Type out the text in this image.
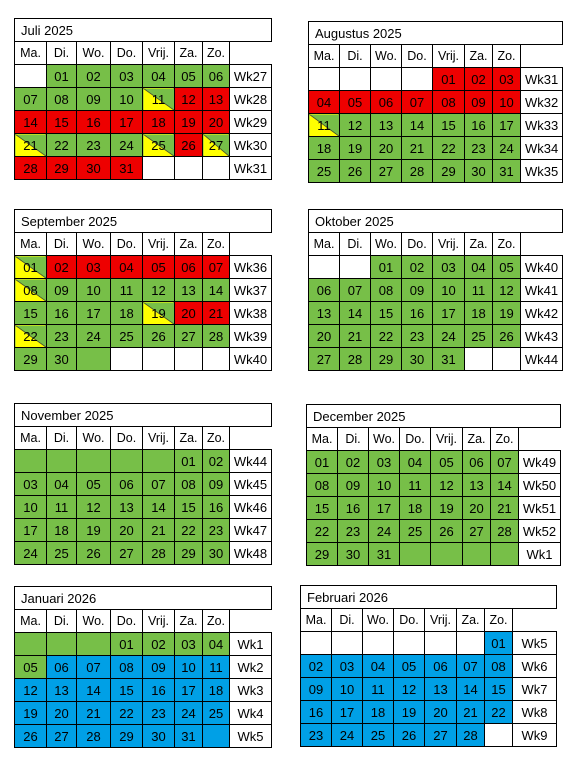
Juli 2025							
Ma.	Di.	Wo.	Do.	Vrij.	Za.	Zo.	
	01	02	03	04	05	06	Wk27
07	08	09	10	11	12	13	Wk28
14	15	16	17	18	19	20	Wk29
21	22	23	24	25	26	27	Wk30
28	29	30	31				Wk31
Augustus 2025							
Ma.	Di.	Wo.	Do.	Vrij.	Za.	Zo.	
				01	02	03	Wk31
04	05	06	07	08	09	10	Wk32
11	12	13	14	15	16	17	Wk33
18	19	20	21	22	23	24	Wk34
25	26	27	28	29	30	31	Wk35
September 2025							
Ma.	Di.	Wo.	Do.	Vrij.	Za.	Zo.	
01	02	03	04	05	06	07	Wk36
08	09	10	11	12	13	14	Wk37
15	16	17	18	19	20	21	Wk38
22	23	24	25	26	27	28	Wk39
29	30						Wk40
Oktober 2025							
Ma.	Di.	Wo.	Do.	Vrij.	Za.	Zo.	
		01	02	03	04	05	Wk40
06	07	08	09	10	11	12	Wk41
13	14	15	16	17	18	19	Wk42
20	21	22	23	24	25	26	Wk43
27	28	29	30	31			Wk44
November 2025							
Ma.	Di.	Wo.	Do.	Vrij.	Za.	Zo.	
					01	02	Wk44
03	04	05	06	07	08	09	Wk45
10	11	12	13	14	15	16	Wk46
17	18	19	20	21	22	23	Wk47
24	25	26	27	28	29	30	Wk48
December 2025							
Ma.	Di.	Wo.	Do.	Vrij.	Za.	Zo.	
01	02	03	04	05	06	07	Wk49
08	09	10	11	12	13	14	Wk50
15	16	17	18	19	20	21	Wk51
22	23	24	25	26	27	28	Wk52
29	30	31					Wk1
Januari 2026							
Ma.	Di.	Wo.	Do.	Vrij.	Za.	Zo.	
			01	02	03	04	Wk1
05	06	07	08	09	10	11	Wk2
12	13	14	15	16	17	18	Wk3
19	20	21	22	23	24	25	Wk4
26	27	28	29	30	31		Wk5
Februari 2026							
Ma.	Di.	Wo.	Do.	Vrij.	Za.	Zo.	
						01	Wk5
02	03	04	05	06	07	08	Wk6
09	10	11	12	13	14	15	Wk7
16	17	18	19	20	21	22	Wk8
23	24	25	26	27	28		Wk9
